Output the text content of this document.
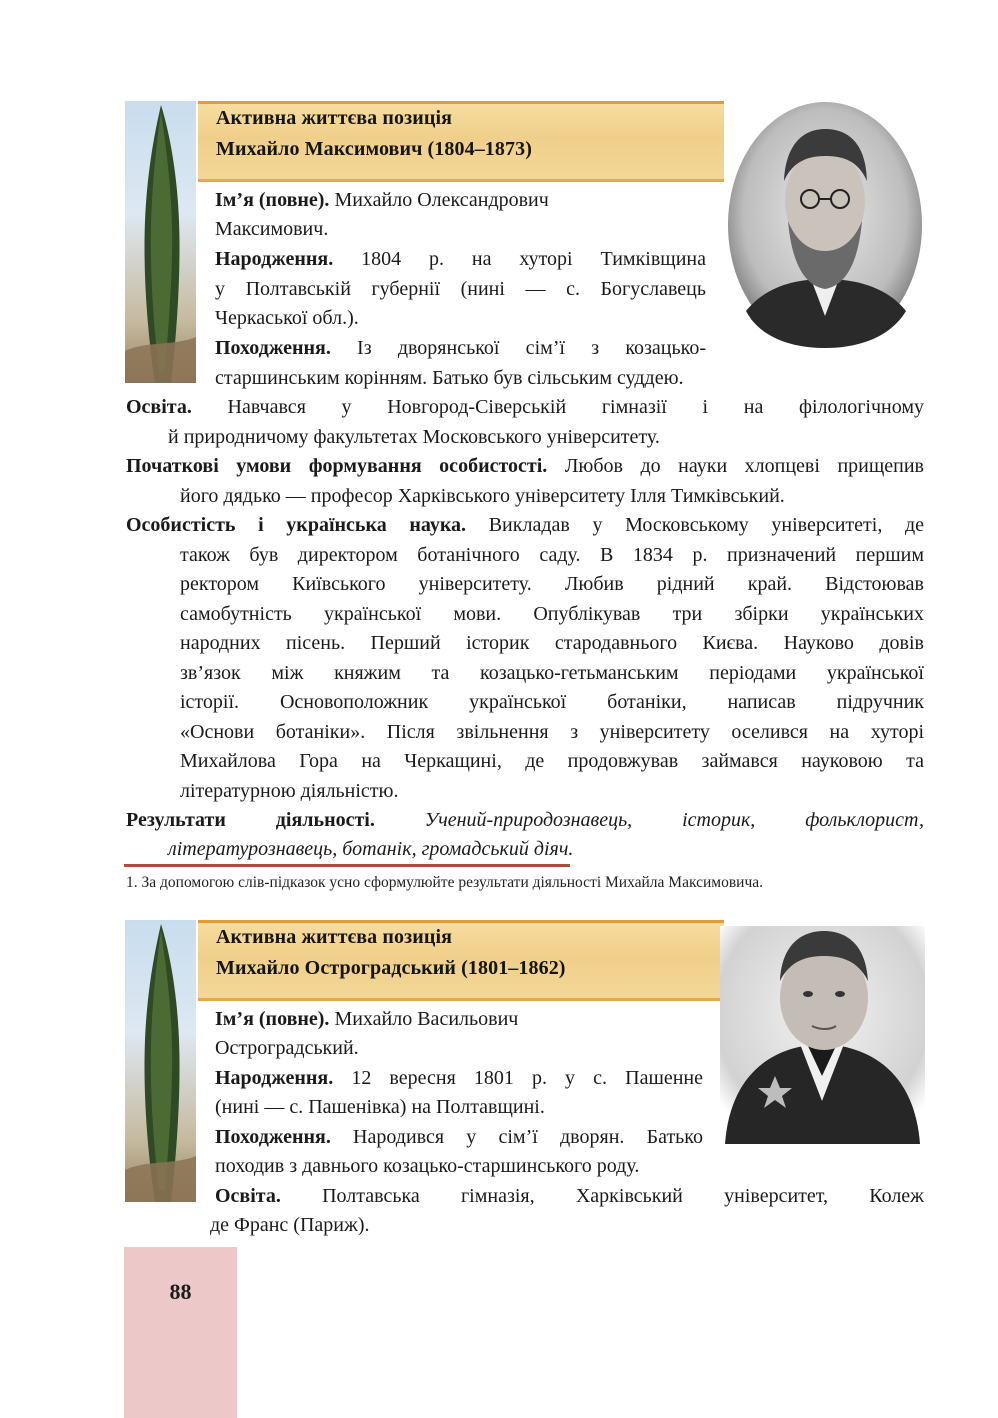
Активна життєва позиція
Михайло Максимович (1804–1873)
Ім’я (повне). Михайло Олександрович
Максимович.
Народження. 1804 р. на хуторі Тимківщина
у Полтавській губернії (нині — с. Богуславець
Черкаської обл.).
Походження. Із дворянської сім’ї з козацько-
старшинським корінням. Батько був сільським суддею.
Освіта. Навчався у Новгород-Сіверській гімназії і на філологічному
й природничому факультетах Московського університету.
Початкові умови формування особистості. Любов до науки хлопцеві прищепив
його дядько — професор Харківського університету Ілля Тимківський.
Особистість і українська наука. Викладав у Московському університеті, де
також був директором ботанічного саду. В 1834 р. призначений першим
ректором Київського університету. Любив рідний край. Відстоював
самобутність української мови. Опублікував три збірки українських
народних пісень. Перший історик стародавнього Києва. Науково довів
зв’язок між княжим та козацько-гетьманським періодами української
історії. Основоположник української ботаніки, написав підручник
«Основи ботаніки». Після звільнення з університету оселився на хуторі
Михайлова Гора на Черкащині, де продовжував займався науковою та
літературною діяльністю.
Результати діяльності. Учений-природознавець, історик, фольклорист,
літературознавець, ботанік, громадський діяч.
1. За допомогою слів-підказок усно сформулюйте результати діяльності Михайла Максимовича.
Активна життєва позиція
Михайло Остроградський (1801–1862)
Ім’я (повне). Михайло Васильович
Остроградський.
Народження. 12 вересня 1801 р. у с. Пашенне
(нині — с. Пашенівка) на Полтавщині.
Походження. Народився у сім’ї дворян. Батько
походив з давнього козацько-старшинського роду.
Освіта. Полтавська гімназія, Харківський університет, Колеж
де Франс (Париж).
88
